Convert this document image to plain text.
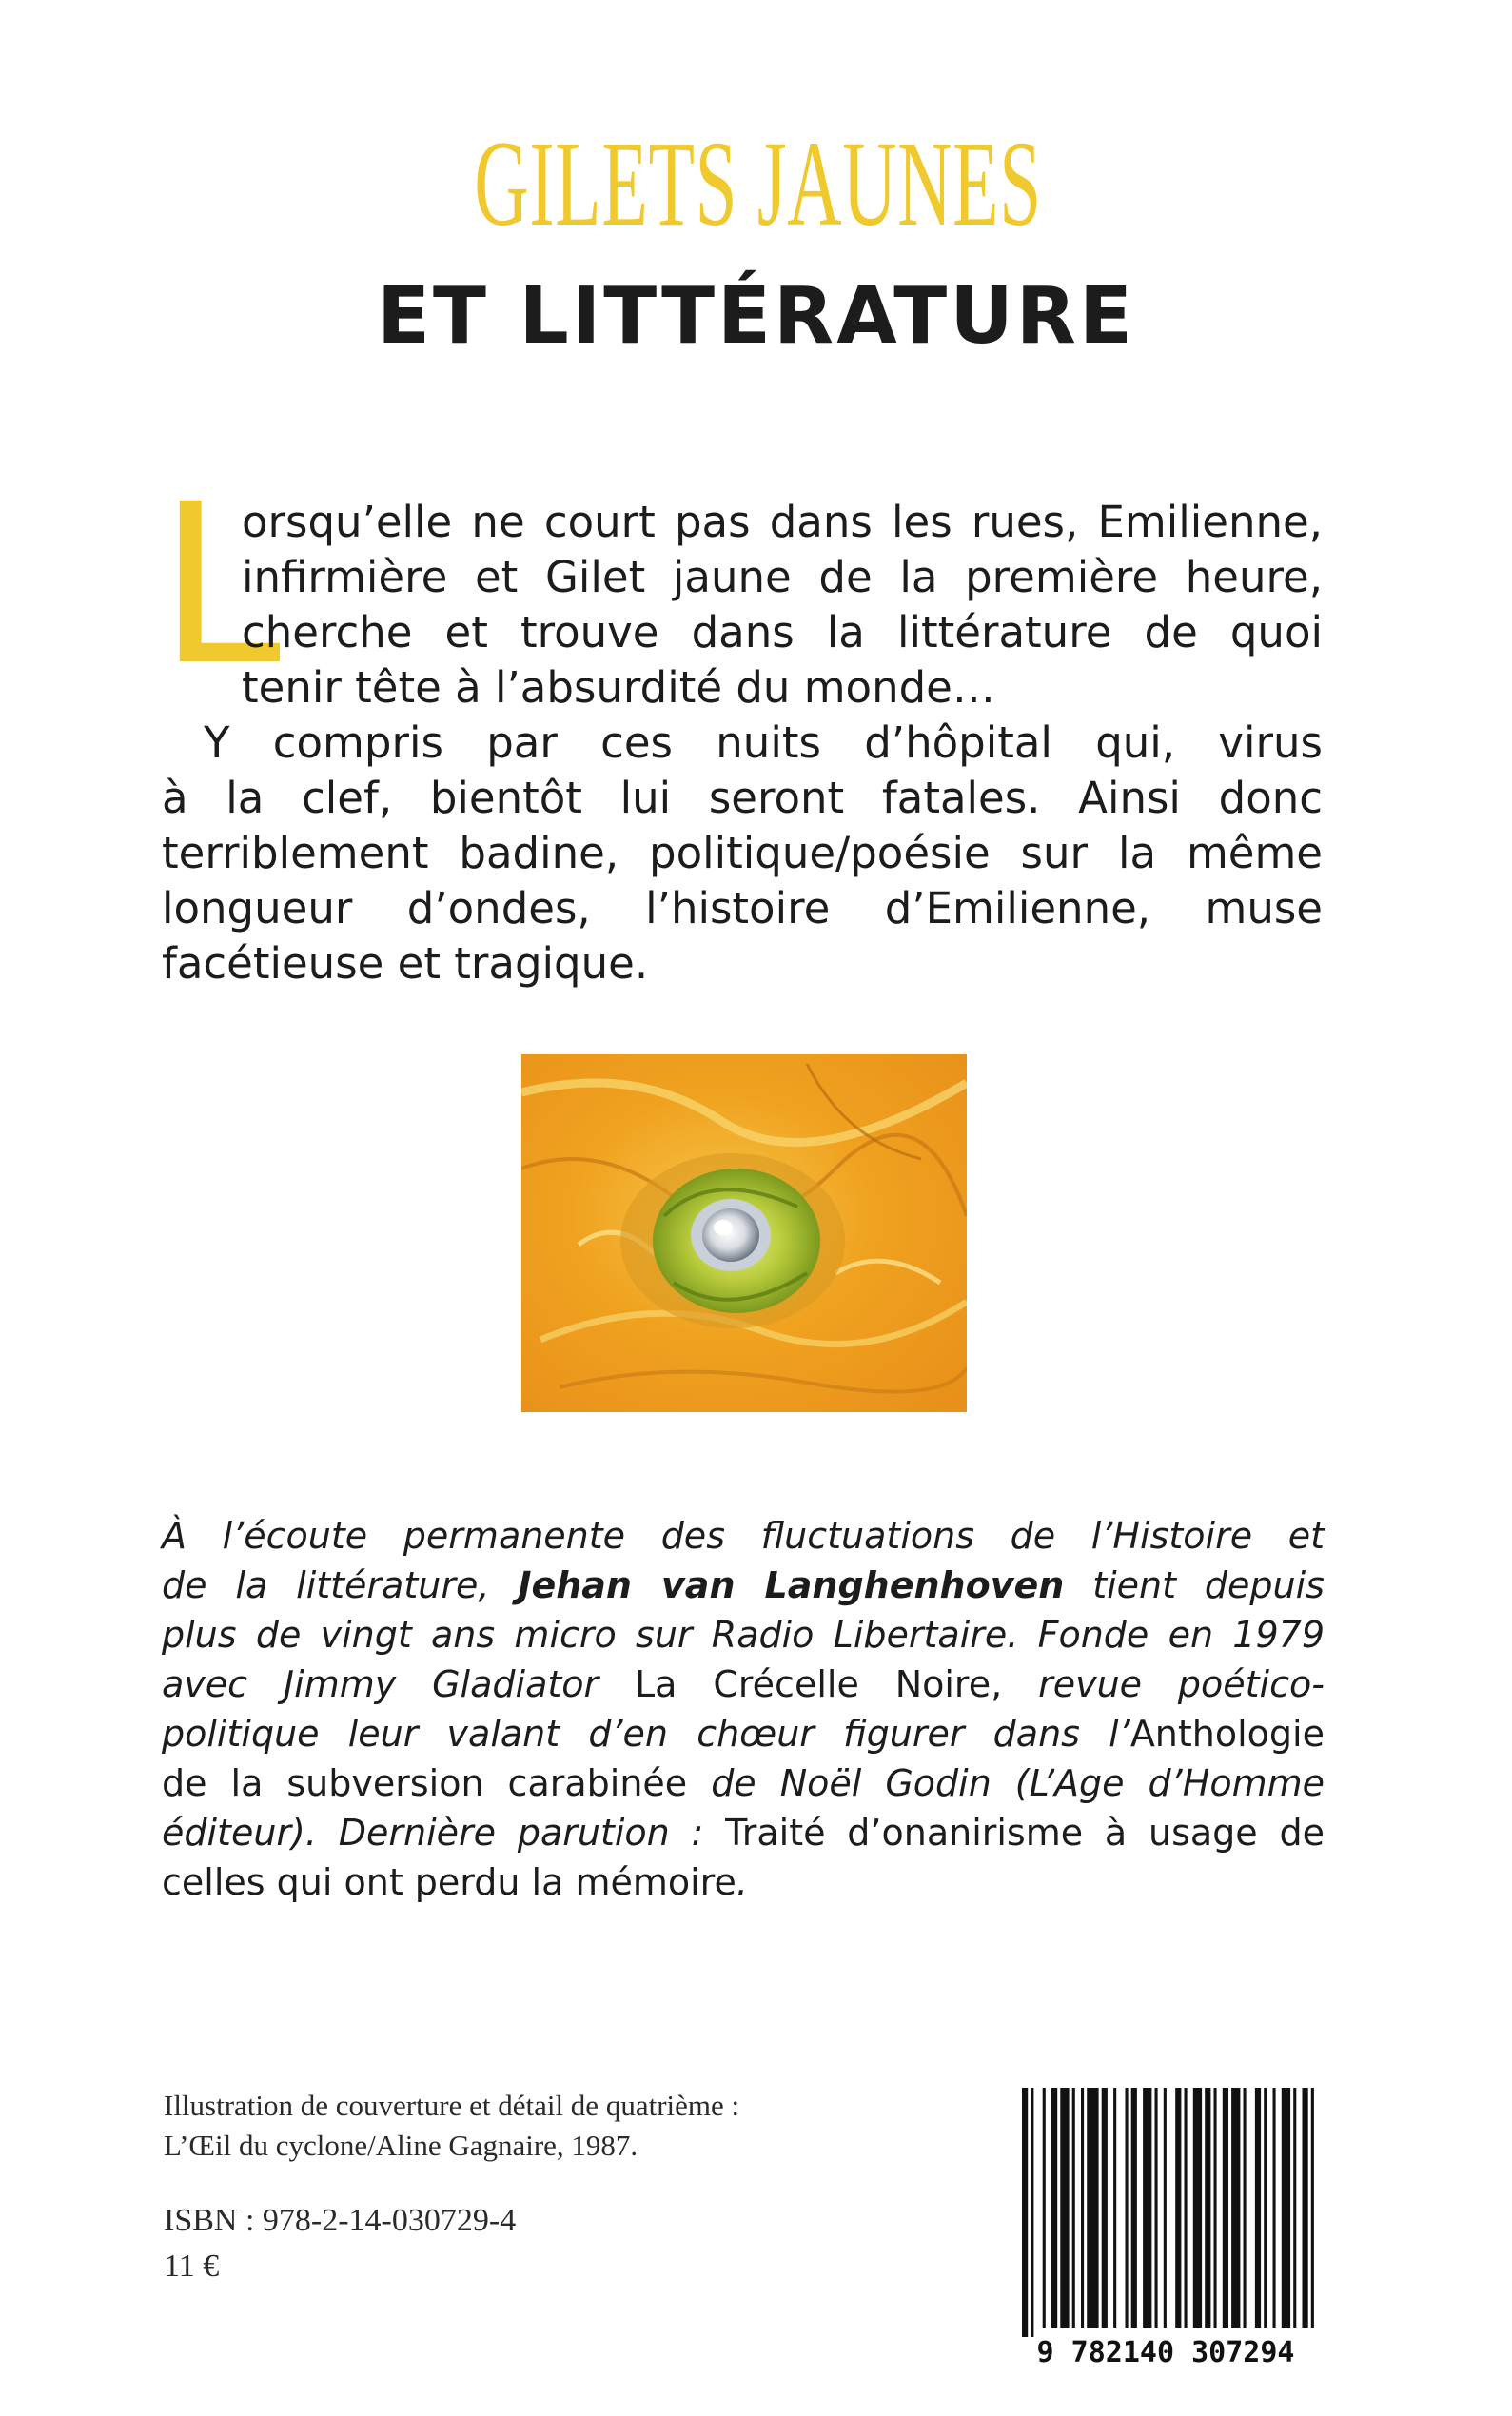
GILETS JAUNES
ET LITTÉRATURE

L
orsqu’elle ne court pas dans les rues, Emilienne,
infirmière et Gilet jaune de la première heure,
cherche et trouve dans la littérature de quoi
tenir tête à l’absurdité du monde…

Y compris par ces nuits d’hôpital qui, virus
à la clef, bientôt lui seront fatales. Ainsi donc
terriblement badine, politique/poésie sur la même
longueur d’ondes, l’histoire d’Emilienne, muse
facétieuse et tragique.

À l’écoute permanente des fluctuations de l’Histoire et
de la littérature, Jehan van Langhenhoven tient depuis
plus de vingt ans micro sur Radio Libertaire. Fonde en 1979
avec Jimmy Gladiator La Crécelle Noire, revue poético-
politique leur valant d’en chœur figurer dans l’Anthologie
de la subversion carabinée de Noël Godin (L’Age d’Homme
éditeur). Dernière parution : Traité d’onanirisme à usage de
celles qui ont perdu la mémoire.
Illustration de couverture et détail de quatrième :
L’Œil du cyclone/Aline Gagnaire, 1987.
ISBN : 978-2-14-030729-4
11 €
9 782140 307294
